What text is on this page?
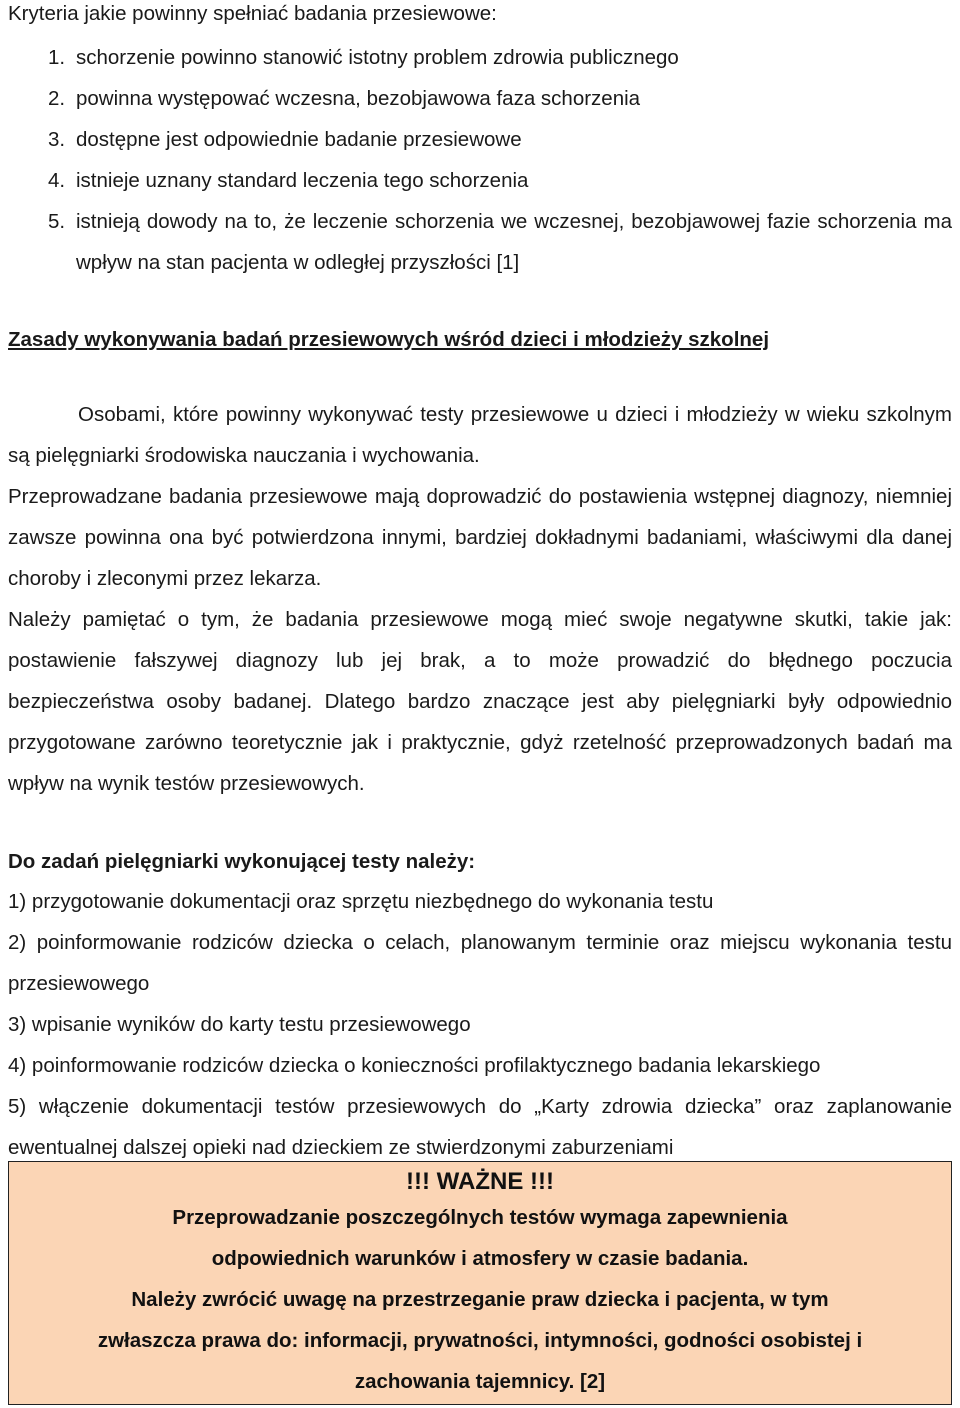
Kryteria jakie powinny spełniać badania przesiewowe:
1. schorzenie powinno stanowić istotny problem zdrowia publicznego
2. powinna występować wczesna, bezobjawowa faza schorzenia
3. dostępne jest odpowiednie badanie przesiewowe
4. istnieje uznany standard leczenia tego schorzenia
5. istnieją dowody na to, że leczenie schorzenia we wczesnej, bezobjawowej fazie schorzenia ma wpływ na stan pacjenta w odległej przyszłości [1]
Zasady wykonywania badań przesiewowych wśród dzieci i młodzieży szkolnej

Osobami, które powinny wykonywać testy przesiewowe u dzieci i młodzieży w wieku szkolnym są pielęgniarki środowiska nauczania i wychowania.

Przeprowadzane badania przesiewowe mają doprowadzić do postawienia wstępnej diagnozy, niemniej zawsze powinna ona być potwierdzona innymi, bardziej dokładnymi badaniami, właściwymi dla danej choroby i zleconymi przez lekarza.

Należy pamiętać o tym, że badania przesiewowe mogą mieć swoje negatywne skutki, takie jak: postawienie fałszywej diagnozy lub jej brak, a to może prowadzić do błędnego poczucia bezpieczeństwa osoby badanej. Dlatego bardzo znaczące jest aby pielęgniarki były odpowiednio przygotowane zarówno teoretycznie jak i praktycznie, gdyż rzetelność przeprowadzonych badań ma wpływ na wynik testów przesiewowych.

Do zadań pielęgniarki wykonującej testy należy:
1) przygotowanie dokumentacji oraz sprzętu niezbędnego do wykonania testu
2) poinformowanie rodziców dziecka o celach, planowanym terminie oraz miejscu wykonania testu przesiewowego
3) wpisanie wyników do karty testu przesiewowego
4) poinformowanie rodziców dziecka o konieczności profilaktycznego badania lekarskiego
5) włączenie dokumentacji testów przesiewowych do „Karty zdrowia dziecka” oraz zaplanowanie ewentualnej dalszej opieki nad dzieckiem ze stwierdzonymi zaburzeniami
!!! WAŻNE !!!
Przeprowadzanie poszczególnych testów wymaga zapewnienia
odpowiednich warunków i atmosfery w czasie badania.
Należy zwrócić uwagę na przestrzeganie praw dziecka i pacjenta, w tym
zwłaszcza prawa do: informacji, prywatności, intymności, godności osobistej i
zachowania tajemnicy. [2]
